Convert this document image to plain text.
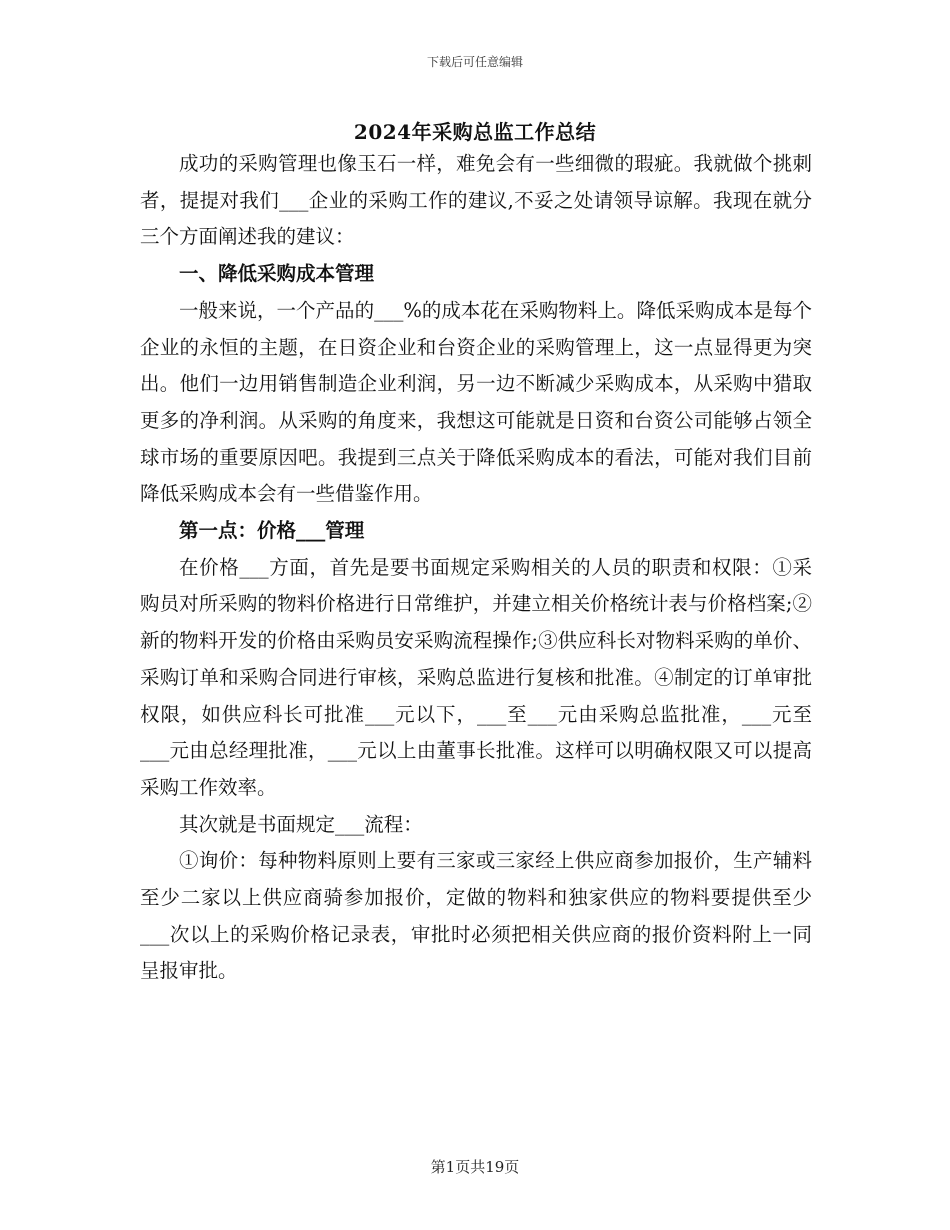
下载后可任意编辑
2024年采购总监工作总结

成功的采购管理也像玉石一样，难免会有一些细微的瑕疵。我就做个挑刺者，提提对我们___企业的采购工作的建议,不妥之处请领导谅解。我现在就分三个方面阐述我的建议：

一、降低采购成本管理

一般来说，一个产品的___%的成本花在采购物料上。降低采购成本是每个企业的永恒的主题，在日资企业和台资企业的采购管理上，这一点显得更为突出。他们一边用销售制造企业利润，另一边不断减少采购成本，从采购中猎取更多的净利润。从采购的角度来，我想这可能就是日资和台资公司能够占领全球市场的重要原因吧。我提到三点关于降低采购成本的看法，可能对我们目前降低采购成本会有一些借鉴作用。

第一点：价格___管理

在价格___方面，首先是要书面规定采购相关的人员的职责和权限：①采购员对所采购的物料价格进行日常维护，并建立相关价格统计表与价格档案;②新的物料开发的价格由采购员安采购流程操作;③供应科长对物料采购的单价、采购订单和采购合同进行审核，采购总监进行复核和批准。④制定的订单审批权限，如供应科长可批准___元以下，___至___元由采购总监批准，___元至___元由总经理批准，___元以上由董事长批准。这样可以明确权限又可以提高采购工作效率。

其次就是书面规定___流程：

①询价：每种物料原则上要有三家或三家经上供应商参加报价，生产辅料至少二家以上供应商骑参加报价，定做的物料和独家供应的物料要提供至少___次以上的采购价格记录表，审批时必须把相关供应商的报价资料附上一同呈报审批。

第1页共19页
